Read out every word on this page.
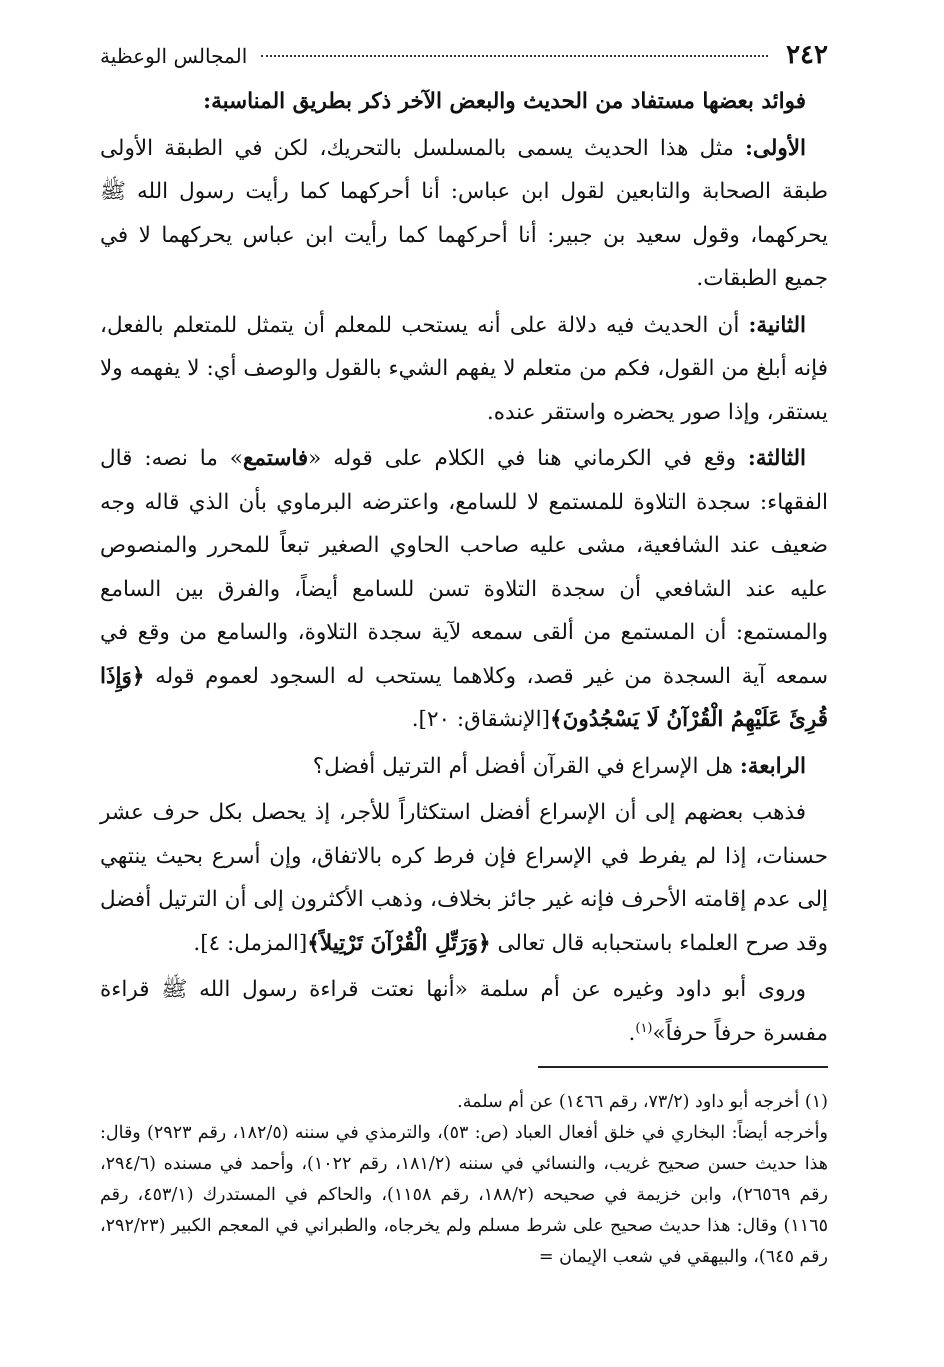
٢٤٢
المجالس الوعظية

فوائد بعضها مستفاد من الحديث والبعض الآخر ذكر بطريق المناسبة:

الأولى: مثل هذا الحديث يسمى بالمسلسل بالتحريك، لكن في الطبقة الأولى طبقة الصحابة والتابعين لقول ابن عباس: أنا أحركهما كما رأيت رسول الله ﷺ يحركهما، وقول سعيد بن جبير: أنا أحركهما كما رأيت ابن عباس يحركهما لا في جميع الطبقات.

الثانية: أن الحديث فيه دلالة على أنه يستحب للمعلم أن يتمثل للمتعلم بالفعل، فإنه أبلغ من القول، فكم من متعلم لا يفهم الشيء بالقول والوصف أي: لا يفهمه ولا يستقر، وإذا صور يحضره واستقر عنده.

الثالثة: وقع في الكرماني هنا في الكلام على قوله «فاستمع» ما نصه: قال الفقهاء: سجدة التلاوة للمستمع لا للسامع، واعترضه البرماوي بأن الذي قاله وجه ضعيف عند الشافعية، مشى عليه صاحب الحاوي الصغير تبعاً للمحرر والمنصوص عليه عند الشافعي أن سجدة التلاوة تسن للسامع أيضاً، والفرق بين السامع والمستمع: أن المستمع من ألقى سمعه لآية سجدة التلاوة، والسامع من وقع في سمعه آية السجدة من غير قصد، وكلاهما يستحب له السجود لعموم قوله ﴿وَإِذَا قُرِئَ عَلَيْهِمُ الْقُرْآنُ لَا يَسْجُدُونَ﴾[الإنشقاق: ٢٠].

الرابعة: هل الإسراع في القرآن أفضل أم الترتيل أفضل؟

فذهب بعضهم إلى أن الإسراع أفضل استكثاراً للأجر، إذ يحصل بكل حرف عشر حسنات، إذا لم يفرط في الإسراع فإن فرط كره بالاتفاق، وإن أسرع بحيث ينتهي إلى عدم إقامته الأحرف فإنه غير جائز بخلاف، وذهب الأكثرون إلى أن الترتيل أفضل وقد صرح العلماء باستحبابه قال تعالى ﴿وَرَتِّلِ الْقُرْآنَ تَرْتِيلاً﴾[المزمل: ٤].

وروى أبو داود وغيره عن أم سلمة «أنها نعتت قراءة رسول الله ﷺ قراءة مفسرة حرفاً حرفاً»$^{(١)}$.

(١) أخرجه أبو داود (٧٣/٢، رقم ١٤٦٦) عن أم سلمة.

وأخرجه أيضاً: البخاري في خلق أفعال العباد (ص: ٥٣)، والترمذي في سننه (١٨٢/٥، رقم ٢٩٢٣) وقال: هذا حديث حسن صحيح غريب، والنسائي في سننه (١٨١/٢، رقم ١٠٢٢)، وأحمد في مسنده (٢٩٤/٦، رقم ٢٦٥٦٩)، وابن خزيمة في صحيحه (١٨٨/٢، رقم ١١٥٨)، والحاكم في المستدرك (٤٥٣/١، رقم ١١٦٥) وقال: هذا حديث صحيح على شرط مسلم ولم يخرجاه، والطبراني في المعجم الكبير (٢٩٢/٢٣، رقم ٦٤٥)، والبيهقي في شعب الإيمان =
